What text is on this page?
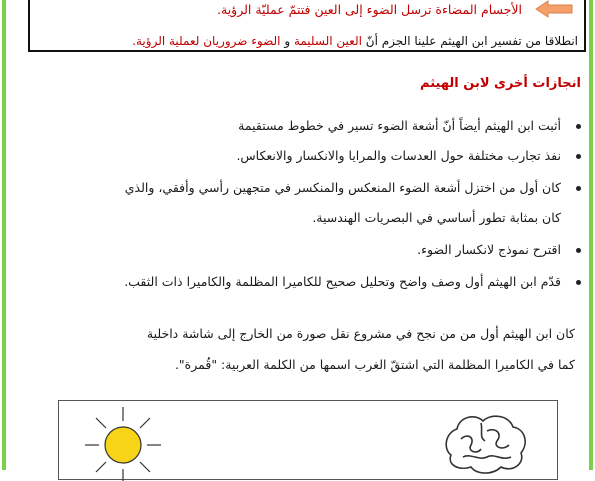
الأجسام المضاءة ترسل الضوء إلى العين فتتمّ عمليّة الرؤية.
انطلاقا من تفسير ابن الهيثم علينا الجزم أنّ العين السليمة و الضوء ضروريان لعملية الرؤية.
انجازات أخرى لابن الهيثم
أثبت ابن الهيثم أيضاً أنّ أشعة الضوء تسير في خطوط مستقيمة
نفذ تجارب مختلفة حول العدسات والمرايا والانكسار والانعكاس.
كان أول من اختزل أشعة الضوء المنعكس والمنكسر في متجهين رأسي وأفقي، والذي
كان بمثابة تطور أساسي في البصريات الهندسية.
اقترح نموذج لانكسار الضوء.
قدّم ابن الهيثم أول وصف واضح وتحليل صحيح للكاميرا المظلمة والكاميرا ذات الثقب.
كان ابن الهيثم أول من من نجح في مشروع نقل صورة من الخارج إلى شاشة داخلية
كما في الكاميرا المظلمة التي اشتقّ الغرب اسمها من الكلمة العربية: "قُمرة".
